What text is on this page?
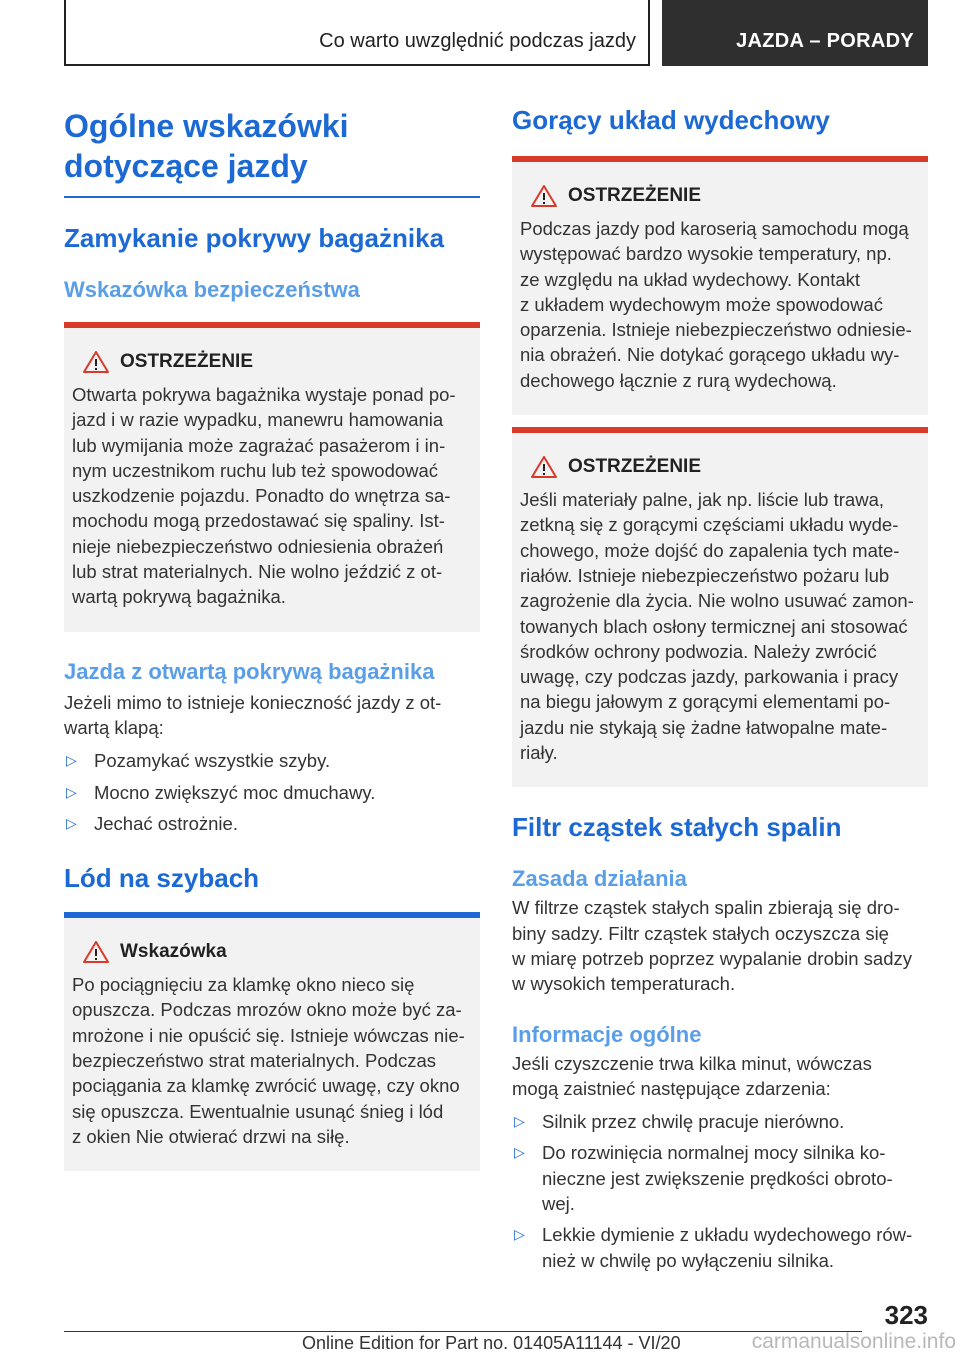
Co warto uwzględnić podczas jazdy	JAZDA – PORADY
Ogólne wskazówki
dotyczące jazdy
Zamykanie pokrywy bagażnika
Wskazówka bezpieczeństwa
OSTRZEŻENIE
Otwarta pokrywa bagażnika wystaje ponad po-
jazd i w razie wypadku, manewru hamowania
lub wymijania może zagrażać pasażerom i in-
nym uczestnikom ruchu lub też spowodować
uszkodzenie pojazdu. Ponadto do wnętrza sa-
mochodu mogą przedostawać się spaliny. Ist-
nieje niebezpieczeństwo odniesienia obrażeń
lub strat materialnych. Nie wolno jeździć z ot-
wartą pokrywą bagażnika.
Jazda z otwartą pokrywą bagażnika

Jeżeli mimo to istnieje konieczność jazdy z ot-
wartą klapą:

▷ Pozamykać wszystkie szyby.
▷ Mocno zwiększyć moc dmuchawy.
▷ Jechać ostrożnie.
Lód na szybach
Wskazówka
Po pociągnięciu za klamkę okno nieco się
opuszcza. Podczas mrozów okno może być za-
mrożone i nie opuścić się. Istnieje wówczas nie-
bezpieczeństwo strat materialnych. Podczas
pociągania za klamkę zwrócić uwagę, czy okno
się opuszcza. Ewentualnie usunąć śnieg i lód
z okien Nie otwierać drzwi na siłę.
Gorący układ wydechowy
OSTRZEŻENIE
Podczas jazdy pod karoserią samochodu mogą
występować bardzo wysokie temperatury, np.
ze względu na układ wydechowy. Kontakt
z układem wydechowym może spowodować
oparzenia. Istnieje niebezpieczeństwo odniesie-
nia obrażeń. Nie dotykać gorącego układu wy-
dechowego łącznie z rurą wydechową.
OSTRZEŻENIE
Jeśli materiały palne, jak np. liście lub trawa,
zetkną się z gorącymi częściami układu wyde-
chowego, może dojść do zapalenia tych mate-
riałów. Istnieje niebezpieczeństwo pożaru lub
zagrożenie dla życia. Nie wolno usuwać zamon-
towanych blach osłony termicznej ani stosować
środków ochrony podwozia. Należy zwrócić
uwagę, czy podczas jazdy, parkowania i pracy
na biegu jałowym z gorącymi elementami po-
jazdu nie stykają się żadne łatwopalne mate-
riały.
Filtr cząstek stałych spalin
Zasada działania

W filtrze cząstek stałych spalin zbierają się dro-
biny sadzy. Filtr cząstek stałych oczyszcza się
w miarę potrzeb poprzez wypalanie drobin sadzy
w wysokich temperaturach.

Informacje ogólne

Jeśli czyszczenie trwa kilka minut, wówczas
mogą zaistnieć następujące zdarzenia:

▷ Silnik przez chwilę pracuje nierówno.
▷ Do rozwinięcia normalnej mocy silnika ko-
nieczne jest zwiększenie prędkości obroto-
wej.
▷ Lekkie dymienie z układu wydechowego rów-
nież w chwilę po wyłączeniu silnika.
323
Online Edition for Part no. 01405A11144 - VI/20	carmanualsonline.info
